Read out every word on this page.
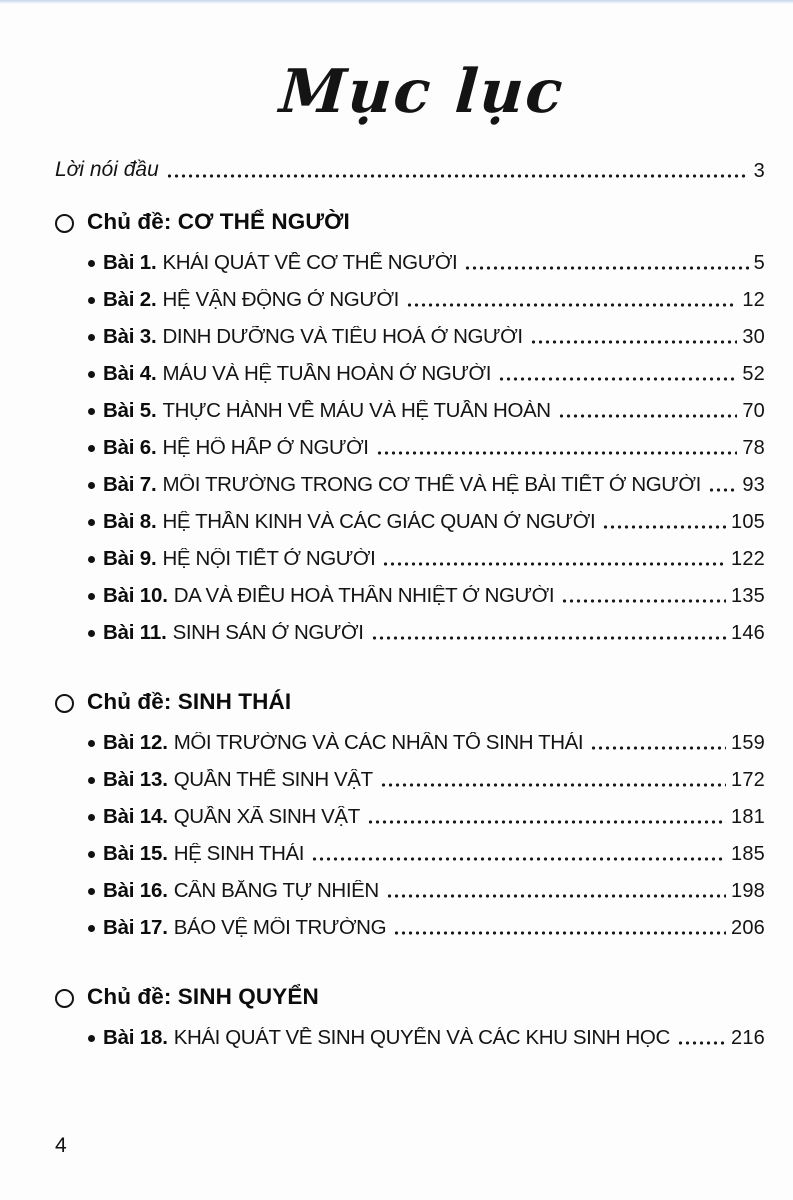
Mục lục
Lời nói đầu	3
Chủ đề: CƠ THỂ NGƯỜI
Bài 1. KHÁI QUÁT VỀ CƠ THỂ NGƯỜI	5
Bài 2. HỆ VẬN ĐỘNG Ở NGƯỜI	12
Bài 3. DINH DƯỠNG VÀ TIÊU HOÁ Ở NGƯỜI	30
Bài 4. MÁU VÀ HỆ TUẦN HOÀN Ở NGƯỜI	52
Bài 5. THỰC HÀNH VỀ MÁU VÀ HỆ TUẦN HOÀN	70
Bài 6. HỆ HÔ HẤP Ở NGƯỜI	78
Bài 7. MÔI TRƯỜNG TRONG CƠ THỂ VÀ HỆ BÀI TIẾT Ở NGƯỜI 93
Bài 8. HỆ THẦN KINH VÀ CÁC GIÁC QUAN Ở NGƯỜI	105
Bài 9. HỆ NỘI TIẾT Ở NGƯỜI	122
Bài 10. DA VÀ ĐIỀU HOÀ THÂN NHIỆT Ở NGƯỜI	135
Bài 11. SINH SẢN Ở NGƯỜI	146
Chủ đề: SINH THÁI
Bài 12. MÔI TRƯỜNG VÀ CÁC NHÂN TỐ SINH THÁI	159
Bài 13. QUẦN THỂ SINH VẬT	172
Bài 14. QUẦN XÃ SINH VẬT	181
Bài 15. HỆ SINH THÁI	185
Bài 16. CÂN BẰNG TỰ NHIÊN	198
Bài 17. BẢO VỆ MÔI TRƯỜNG	206
Chủ đề: SINH QUYỂN
Bài 18. KHÁI QUÁT VỀ SINH QUYỂN VÀ CÁC KHU SINH HỌC	216
4
